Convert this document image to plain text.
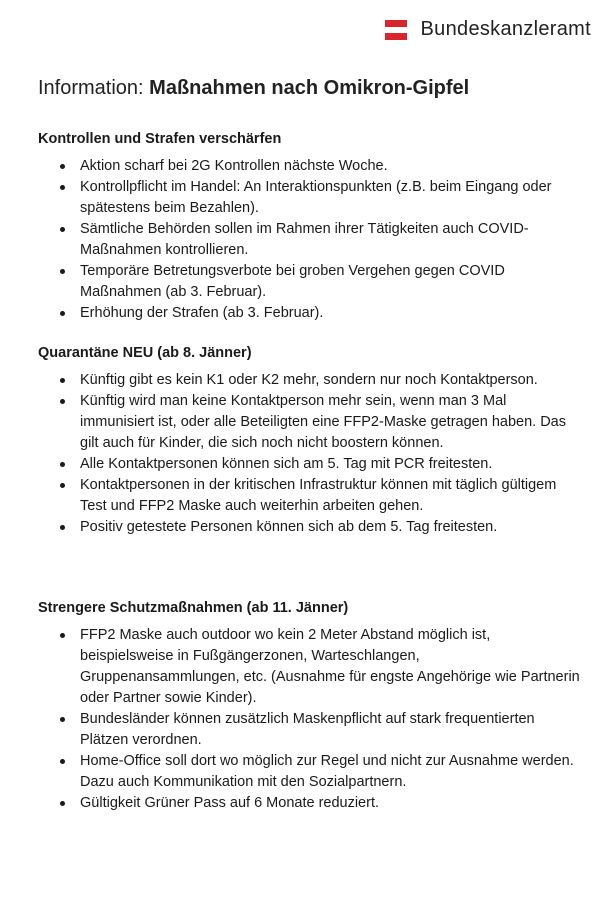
Bundeskanzleramt
Information: Maßnahmen nach Omikron-Gipfel
Kontrollen und Strafen verschärfen
Aktion scharf bei 2G Kontrollen nächste Woche.
Kontrollpflicht im Handel: An Interaktionspunkten (z.B. beim Eingang oder spätestens beim Bezahlen).
Sämtliche Behörden sollen im Rahmen ihrer Tätigkeiten auch COVID-Maßnahmen kontrollieren.
Temporäre Betretungsverbote bei groben Vergehen gegen COVID Maßnahmen (ab 3. Februar).
Erhöhung der Strafen (ab 3. Februar).
Quarantäne NEU (ab 8. Jänner)
Künftig gibt es kein K1 oder K2 mehr, sondern nur noch Kontaktperson.
Künftig wird man keine Kontaktperson mehr sein, wenn man 3 Mal immunisiert ist, oder alle Beteiligten eine FFP2-Maske getragen haben. Das gilt auch für Kinder, die sich noch nicht boostern können.
Alle Kontaktpersonen können sich am 5. Tag mit PCR freitesten.
Kontaktpersonen in der kritischen Infrastruktur können mit täglich gültigem Test und FFP2 Maske auch weiterhin arbeiten gehen.
Positiv getestete Personen können sich ab dem 5. Tag freitesten.
Strengere Schutzmaßnahmen (ab 11. Jänner)
FFP2 Maske auch outdoor wo kein 2 Meter Abstand möglich ist, beispielsweise in Fußgängerzonen, Warteschlangen, Gruppenansammlungen, etc. (Ausnahme für engste Angehörige wie Partnerin oder Partner sowie Kinder).
Bundesländer können zusätzlich Maskenpflicht auf stark frequentierten Plätzen verordnen.
Home-Office soll dort wo möglich zur Regel und nicht zur Ausnahme werden. Dazu auch Kommunikation mit den Sozialpartnern.
Gültigkeit Grüner Pass auf 6 Monate reduziert.
